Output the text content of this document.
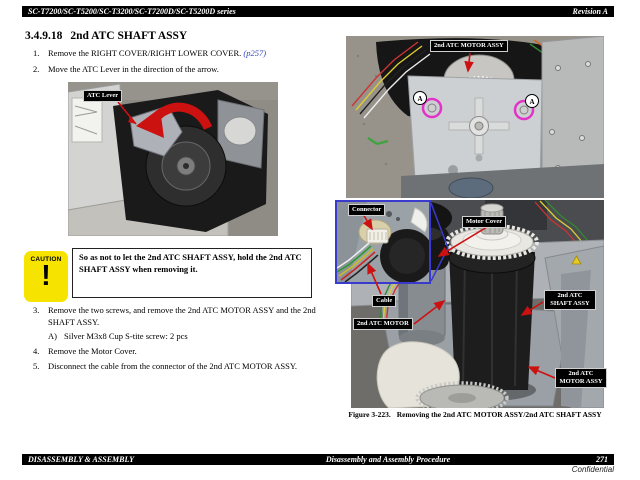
SC-T7200/SC-T5200/SC-T3200/SC-T7200D/SC-T5200D series	Revision A
3.4.9.18 2nd ATC SHAFT ASSY
1.	Remove the RIGHT COVER/RIGHT LOWER COVER. (p257)
2.	Move the ATC Lever in the direction of the arrow.
ATC Lever
CAUTION
!
So as not to let the 2nd ATC SHAFT ASSY, hold the 2nd ATC SHAFT ASSY when removing it.
3.	Remove the two screws, and remove the 2nd ATC MOTOR ASSY and the 2nd SHAFT ASSY.
A) Silver M3x8 Cup S-tite screw: 2 pcs
4.	Remove the Motor Cover.
5.	Disconnect the cable from the connector of the 2nd ATC MOTOR ASSY.
A	A
2nd ATC MOTOR ASSY
Connector
Motor Cover
Cable
2nd ATC MOTOR
2nd ATC SHAFT ASSY
2nd ATC MOTOR ASSY
Figure 3-223. Removing the 2nd ATC MOTOR ASSY/2nd ATC SHAFT ASSY
DISASSEMBLY & ASSEMBLY	Disassembly and Assembly Procedure	271
Confidential
